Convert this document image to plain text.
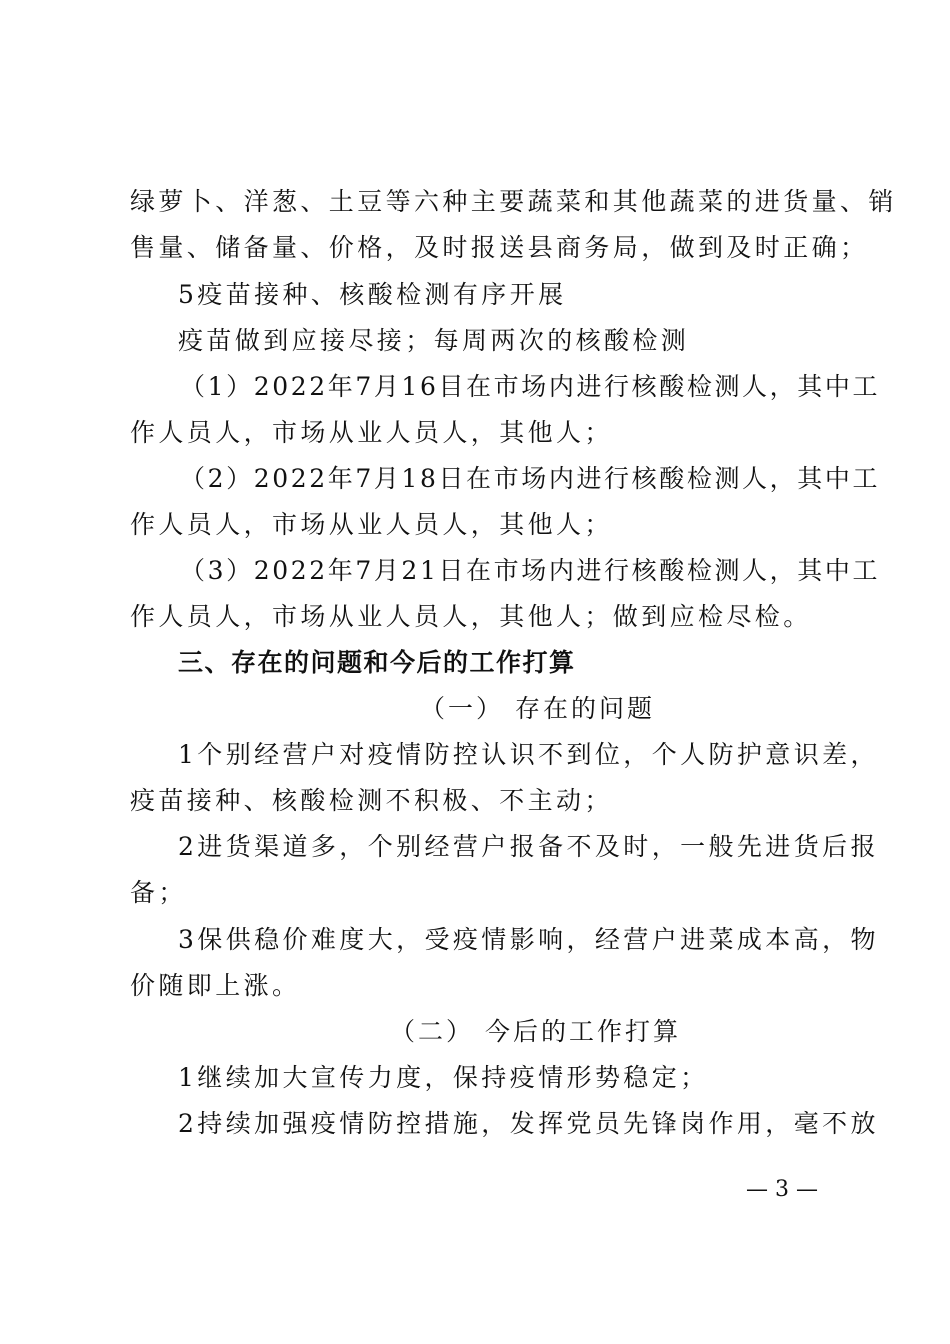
绿萝卜、洋葱、土豆等六种主要蔬菜和其他蔬菜的进货量、销
售量、储备量、价格，及时报送县商务局，做到及时正确；
5疫苗接种、核酸检测有序开展
疫苗做到应接尽接；每周两次的核酸检测
（1）2022年7月16目在市场内进行核酸检测人，其中工
作人员人，市场从业人员人，其他人；
（2）2022年7月18日在市场内进行核酸检测人，其中工
作人员人，市场从业人员人，其他人；
（3）2022年7月21日在市场内进行核酸检测人，其中工
作人员人，市场从业人员人，其他人；做到应检尽检。
三、存在的问题和今后的工作打算
（一） 存在的问题
1个别经营户对疫情防控认识不到位，个人防护意识差，
疫苗接种、核酸检测不积极、不主动；
2进货渠道多，个别经营户报备不及时，一般先进货后报
备；
3保供稳价难度大，受疫情影响，经营户进菜成本高，物
价随即上涨。
（二） 今后的工作打算
1继续加大宣传力度，保持疫情形势稳定；
2持续加强疫情防控措施，发挥党员先锋岗作用，毫不放
— 3 —
